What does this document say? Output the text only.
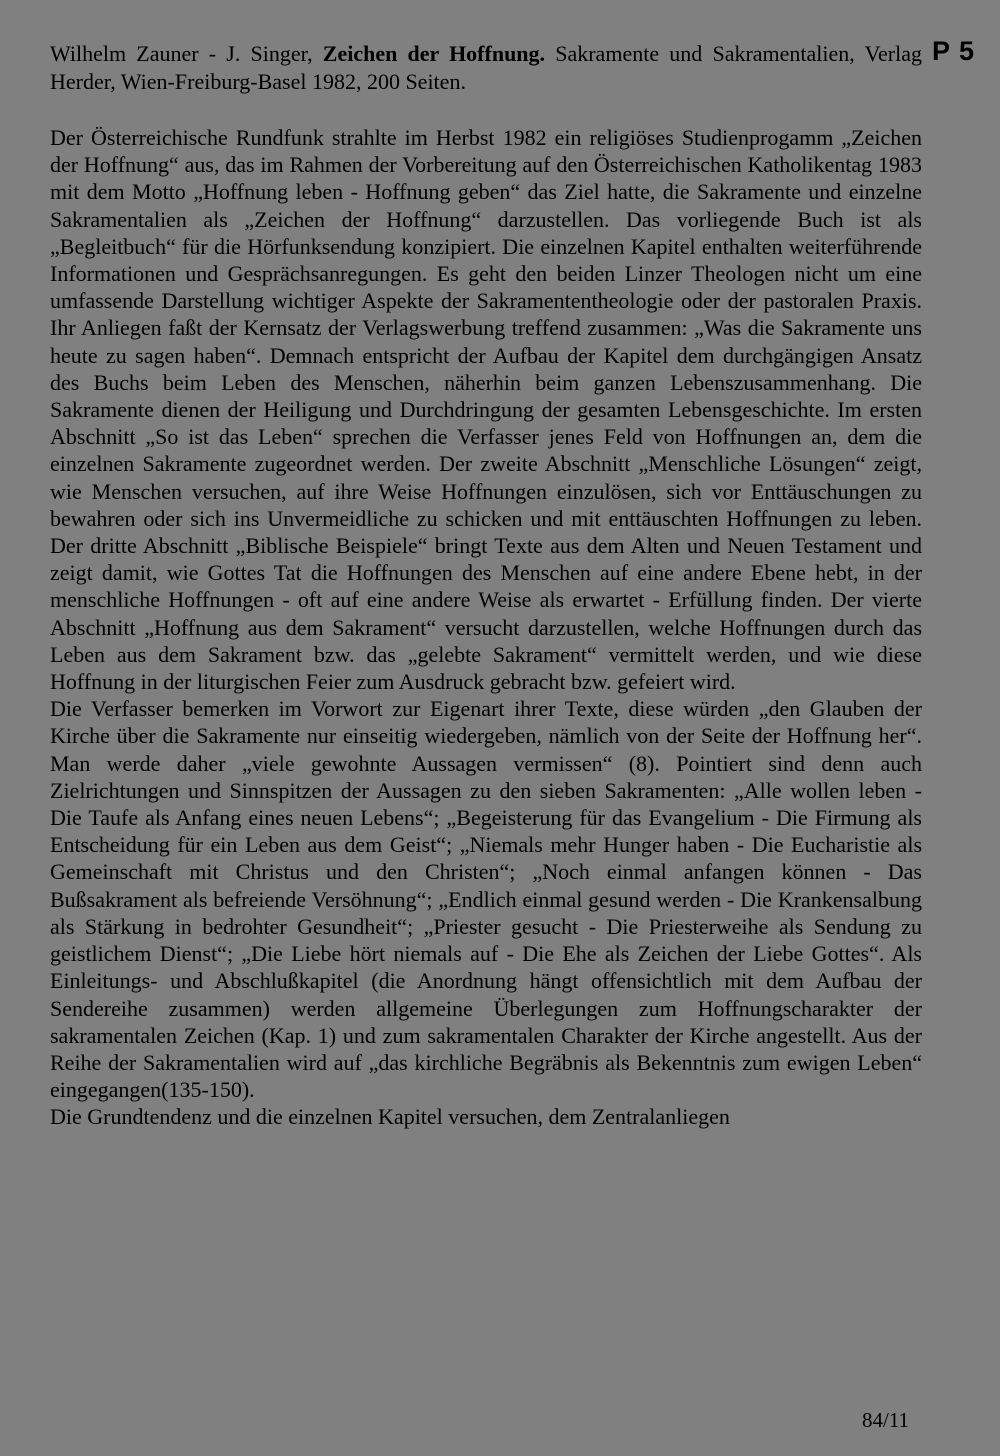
P 5
Wilhelm Zauner - J. Singer, Zeichen der Hoffnung. Sakramente und Sakramentalien, Verlag Herder, Wien-Freiburg-Basel 1982, 200 Seiten.

Der Österreichische Rundfunk strahlte im Herbst 1982 ein religiöses Studienprogamm „Zeichen der Hoffnung“ aus, das im Rahmen der Vorbereitung auf den Österreichischen Katholikentag 1983 mit dem Motto „Hoffnung leben - Hoffnung geben“ das Ziel hatte, die Sakramente und einzelne Sakramentalien als „Zeichen der Hoffnung“ darzustellen. Das vorliegende Buch ist als „Begleitbuch“ für die Hörfunksendung konzipiert. Die einzelnen Kapitel enthalten weiterführende Informationen und Gesprächsanregungen. Es geht den beiden Linzer Theologen nicht um eine umfassende Darstellung wichtiger Aspekte der Sakramententheologie oder der pastoralen Praxis. Ihr Anliegen faßt der Kernsatz der Verlagswerbung treffend zusammen: „Was die Sakramente uns heute zu sagen haben“. Demnach entspricht der Aufbau der Kapitel dem durchgängigen Ansatz des Buchs beim Leben des Menschen, näherhin beim ganzen Lebenszusammenhang. Die Sakramente dienen der Heiligung und Durchdringung der gesamten Lebensgeschichte. Im ersten Abschnitt „So ist das Leben“ sprechen die Verfasser jenes Feld von Hoffnungen an, dem die einzelnen Sakramente zugeordnet werden. Der zweite Abschnitt „Menschliche Lösungen“ zeigt, wie Menschen versuchen, auf ihre Weise Hoffnungen einzulösen, sich vor Enttäuschungen zu bewahren oder sich ins Unvermeidliche zu schicken und mit enttäuschten Hoffnungen zu leben. Der dritte Abschnitt „Biblische Beispiele“ bringt Texte aus dem Alten und Neuen Testament und zeigt damit, wie Gottes Tat die Hoffnungen des Menschen auf eine andere Ebene hebt, in der menschliche Hoffnungen - oft auf eine andere Weise als erwartet - Erfüllung finden. Der vierte Abschnitt „Hoffnung aus dem Sakrament“ versucht darzustellen, welche Hoffnungen durch das Leben aus dem Sakrament bzw. das „gelebte Sakrament“ vermittelt werden, und wie diese Hoffnung in der liturgischen Feier zum Ausdruck gebracht bzw. gefeiert wird.

Die Verfasser bemerken im Vorwort zur Eigenart ihrer Texte, diese würden „den Glauben der Kirche über die Sakramente nur einseitig wiedergeben, nämlich von der Seite der Hoffnung her“. Man werde daher „viele gewohnte Aussagen vermissen“ (8). Pointiert sind denn auch Zielrichtungen und Sinnspitzen der Aussagen zu den sieben Sakramenten: „Alle wollen leben - Die Taufe als Anfang eines neuen Lebens“; „Begeisterung für das Evangelium - Die Firmung als Entscheidung für ein Leben aus dem Geist“; „Niemals mehr Hunger haben - Die Eucharistie als Gemeinschaft mit Christus und den Christen“; „Noch einmal anfangen können - Das Bußsakrament als befreiende Versöhnung“; „Endlich einmal gesund werden - Die Krankensalbung als Stärkung in bedrohter Gesundheit“; „Priester gesucht - Die Priesterweihe als Sendung zu geistlichem Dienst“; „Die Liebe hört niemals auf - Die Ehe als Zeichen der Liebe Gottes“. Als Einleitungs- und Abschlußkapitel (die Anordnung hängt offensichtlich mit dem Aufbau der Sendereihe zusammen) werden allgemeine Überlegungen zum Hoffnungscharakter der sakramentalen Zeichen (Kap. 1) und zum sakramentalen Charakter der Kirche angestellt. Aus der Reihe der Sakramentalien wird auf „das kirchliche Begräbnis als Bekenntnis zum ewigen Leben“ eingegangen(135-150).

Die Grundtendenz und die einzelnen Kapitel versuchen, dem Zentralanliegen

84/11
